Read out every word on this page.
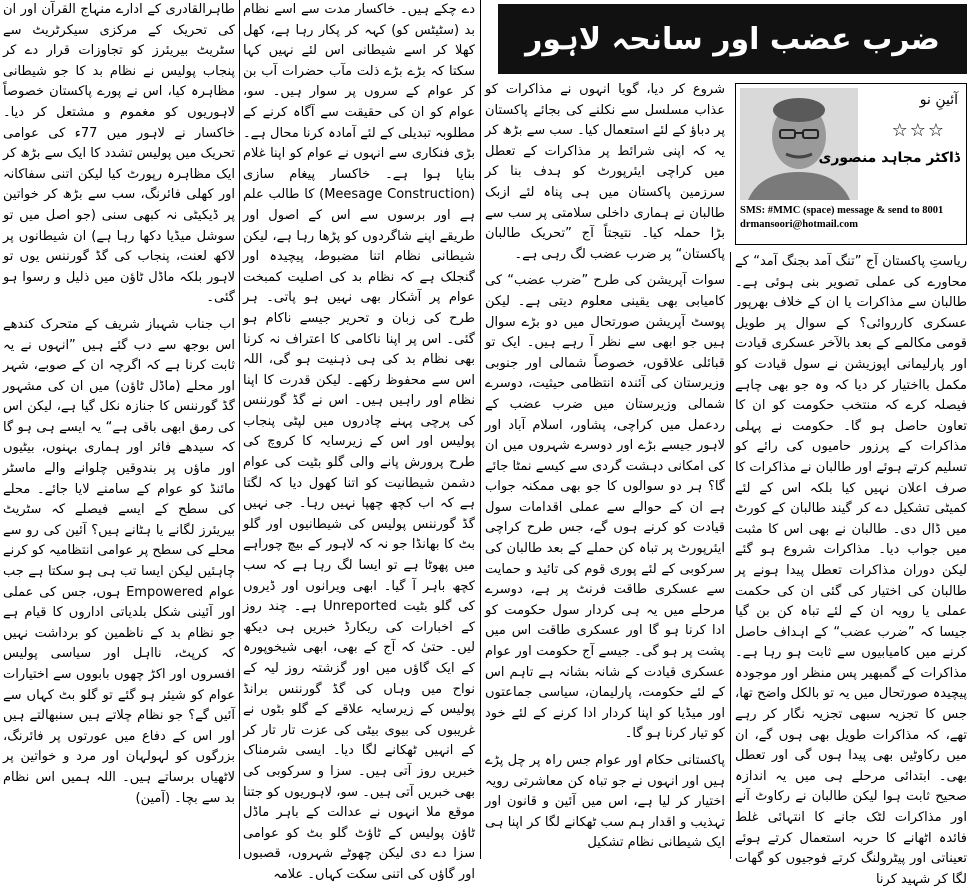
ضرب عضب اور سانحہ لاہور
آئینِ نو
☆☆☆
ڈاکٹر مجاہد منصوری
SMS: #MMC (space) message & send to 8001
drmansoori@hotmail.com

ریاستِ پاکستان آج ”تنگ آمد بجنگ آمد“ کے محاورے کی عملی تصویر بنی ہوئی ہے۔ طالبان سے مذاکرات یا ان کے خلاف بھرپور عسکری کارروائی؟ کے سوال پر طویل قومی مکالمے کے بعد بالآخر عسکری قیادت اور پارلیمانی اپوزیشن نے سول قیادت کو مکمل بااختیار کر دیا کہ وہ جو بھی چاہے فیصلہ کرے کہ منتخب حکومت کو ان کا تعاون حاصل ہو گا۔ حکومت نے پہلی مذاکرات کے پرزور حامیوں کی رائے کو تسلیم کرتے ہوئے اور طالبان نے مذاکرات کا صرف اعلان نہیں کیا بلکہ اس کے لئے کمیٹی تشکیل دے کر گیند طالبان کے کورٹ میں ڈال دی۔ طالبان نے بھی اس کا مثبت میں جواب دیا۔ مذاکرات شروع ہو گئے لیکن دوران مذاکرات تعطل پیدا ہونے پر طالبان کی اختیار کی گئی ان کی حکمت عملی یا رویہ ان کے لئے تباہ کن بن گیا جیسا کہ ”ضرب عضب“ کے اہداف حاصل کرنے میں کامیابیوں سے ثابت ہو رہا ہے۔ مذاکرات کے گمبھیر پس منظر اور موجودہ پیچیدہ صورتحال میں یہ تو بالکل واضح تھا، جس کا تجزیہ سبھی تجزیہ نگار کر رہے تھے، کہ مذاکرات طویل بھی ہوں گے، ان میں رکاوٹیں بھی پیدا ہوں گی اور تعطل بھی۔ ابتدائی مرحلے ہی میں یہ اندازہ صحیح ثابت ہوا لیکن طالبان نے رکاوٹ آنے اور مذاکرات لٹک جانے کا انتہائی غلط فائدہ اٹھانے کا حربہ استعمال کرتے ہوئے تعیناتی اور پیٹرولنگ کرتے فوجیوں کو گھات لگا کر شہید کرنا

شروع کر دیا، گویا انہوں نے مذاکرات کو عذاب مسلسل سے نکلنے کی بجائے پاکستان پر دباؤ کے لئے استعمال کیا۔ سب سے بڑھ کر یہ کہ اپنی شرائط پر مذاکرات کے تعطل میں کراچی ایئرپورٹ کو ہدف بنا کر سرزمین پاکستان میں ہی پناہ لئے ازبک طالبان نے ہماری داخلی سلامتی پر سب سے بڑا حملہ کیا۔ نتیجتاً آج ”تحریک طالبان پاکستان“ پر ضرب عضب لگ رہی ہے۔

سوات آپریشن کی طرح ”ضرب عضب“ کی کامیابی بھی یقینی معلوم دیتی ہے۔ لیکن پوسٹ آپریشن صورتحال میں دو بڑے سوال ہیں جو ابھی سے نظر آ رہے ہیں۔ ایک تو قبائلی علاقوں، خصوصاً شمالی اور جنوبی وزیرستان کی آئندہ انتظامی حیثیت، دوسرے شمالی وزیرستان میں ضرب عضب کے ردعمل میں کراچی، پشاور، اسلام آباد اور لاہور جیسے بڑے اور دوسرے شہروں میں ان کی امکانی دہشت گردی سے کیسے نمٹا جائے گا؟ ہر دو سوالوں کا جو بھی ممکنہ جواب ہے ان کے حوالے سے عملی اقدامات سول قیادت کو کرنے ہوں گے، جس طرح کراچی ایئرپورٹ پر تباہ کن حملے کے بعد طالبان کی سرکوبی کے لئے پوری قوم کی تائید و حمایت سے عسکری طاقت فرنٹ پر ہے، دوسرے مرحلے میں یہ ہی کردار سول حکومت کو ادا کرنا ہو گا اور عسکری طاقت اس میں پشت پر ہو گی۔ جیسے آج حکومت اور عوام عسکری قیادت کے شانہ بشانہ ہے تاہم اس کے لئے حکومت، پارلیمان، سیاسی جماعتوں اور میڈیا کو اپنا کردار ادا کرنے کے لئے خود کو تیار کرنا ہو گا۔

پاکستانی حکام اور عوام جس راہ پر چل پڑے ہیں اور انہوں نے جو تباہ کن معاشرتی رویہ اختیار کر لیا ہے، اس میں آئین و قانون اور تہذیب و اقدار ہم سب ٹھکانے لگا کر اپنا ہی ایک شیطانی نظام تشکیل

دے چکے ہیں۔ خاکسار مدت سے اسے نظام بد (سٹیٹس کو) کہہ کر پکار رہا ہے، کھل کھلا کر اسے شیطانی اس لئے نہیں کہا سکتا کہ بڑے بڑے ذلت مآب حضرات آب بن کر عوام کے سروں پر سوار ہیں۔ سو، عوام کو ان کی حقیقت سے آگاہ کرنے کے مطلوبہ تبدیلی کے لئے آمادہ کرنا محال ہے۔ بڑی فنکاری سے انہوں نے عوام کو اپنا غلام بنایا ہوا ہے۔ خاکسار پیغام سازی (Meesage Construction) کا طالب علم ہے اور برسوں سے اس کے اصول اور طریقے اپنے شاگردوں کو پڑھا رہا ہے، لیکن شیطانی نظام اتنا مضبوط، پیچیدہ اور گنجلک ہے کہ نظام بد کی اصلیت کمبخت عوام پر آشکار بھی نہیں ہو پاتی۔ ہر طرح کی زبان و تحریر جیسے ناکام ہو گئی۔ اس پر اپنا ناکامی کا اعتراف نہ کرنا بھی نظام بد کی ہی ذہنیت ہو گی، اللہ اس سے محفوظ رکھے۔ لیکن قدرت کا اپنا نظام اور راہیں ہیں۔ اس نے گڈ گورننس کی پرچی پہنے چادروں میں لپٹی پنجاب پولیس اور اس کے زیرسایہ کا کروچ کی طرح پرورش پانے والی گلو بٹیت کی عوام دشمن شیطانیت کو اتنا کھول دیا کہ لگتا ہے کہ اب کچھ چھپا نہیں رہا۔ جی نہیں گڈ گورننس پولیس کی شیطانیوں اور گلو بٹ کا بھانڈا جو نہ کہ لاہور کے بیچ چوراہے میں پھوٹا ہے تو ایسا لگ رہا ہے کہ سب کچھ باہر آ گیا۔ ابھی ویرانوں اور ڈیروں کی گلو بٹیت Unreported ہے۔ چند روز کے اخبارات کی ریکارڈ خبریں ہی دیکھ لیں۔ حتیٰ کہ آج کے بھی، ابھی شیخوپورہ کے ایک گاؤں میں اور گزشتہ روز لیہ کے نواح میں وہاں کی گڈ گورننس برانڈ پولیس کے زیرسایہ علاقے کے گلو بٹوں نے غریبوں کی بیوی بیٹی کی عزت تار تار کر کے انہیں ٹھکانے لگا دیا۔ ایسی شرمناک خبریں روز آتی ہیں۔ سزا و سرکوبی کی بھی خبریں آتی ہیں۔ سو، لاہوریوں کو جتنا موقع ملا انہوں نے عدالت کے باہر ماڈل ٹاؤن پولیس کے ٹاؤٹ گلو بٹ کو عوامی سزا دے دی لیکن چھوٹے شہروں، قصبوں اور گاؤں کی اتنی سکت کہاں۔ علامہ

طاہرالقادری کے ادارے منہاج القرآن اور ان کی تحریک کے مرکزی سیکرٹریٹ سے سٹریٹ بیریئرز کو تجاوزات قرار دے کر پنجاب پولیس نے نظام بد کا جو شیطانی مظاہرہ کیا، اس نے پورے پاکستان خصوصاً لاہوریوں کو مغموم و مشتعل کر دیا۔ خاکسار نے لاہور میں 77ء کی عوامی تحریک میں پولیس تشدد کا ایک سے بڑھ کر ایک مظاہرہ رپورٹ کیا لیکن اتنی سفاکانہ اور کھلی فائرنگ، سب سے بڑھ کر خواتین پر ڈیکیٹی نہ کبھی سنی (جو اصل میں تو سوشل میڈیا دکھا رہا ہے) ان شیطانوں پر لاکھ لعنت، پنجاب کی گڈ گورننس یوں تو لاہور بلکہ ماڈل ٹاؤن میں ذلیل و رسوا ہو گئی۔

اب جناب شہباز شریف کے متحرک کندھے اس بوجھ سے دب گئے ہیں ”انہوں نے یہ ثابت کرنا ہے کہ اگرچہ ان کے صوبے، شہر اور محلے (ماڈل ٹاؤن) میں ان کی مشہور گڈ گورننس کا جنازہ نکل گیا ہے، لیکن اس کی رمق ابھی باقی ہے“ یہ ایسے ہی ہو گا کہ سیدھے فائر اور ہماری بہنوں، بیٹیوں اور ماؤں پر بندوقیں چلوانے والے ماسٹر مائنڈ کو عوام کے سامنے لایا جائے۔ محلے کی سطح کے ایسے فیصلے کہ سٹریٹ بیریئرز لگانے یا ہٹانے ہیں؟ آئین کی رو سے محلے کی سطح پر عوامی انتظامیہ کو کرنے چاہئیں لیکن ایسا تب ہی ہو سکتا ہے جب عوام Empowered ہوں، جس کی عملی اور آئینی شکل بلدیاتی اداروں کا قیام ہے جو نظام بد کے ناظمین کو برداشت نہیں کہ کرپٹ، نااہل اور سیاسی پولیس افسروں اور اکڑ چھوں بابووں سے اختیارات عوام کو شیئر ہو گئے تو گلو بٹ کہاں سے آئیں گے؟ جو نظام چلاتے ہیں سنبھالتے ہیں اور اس کے دفاع میں عورتوں پر فائرنگ، بزرگوں کو لہولہان اور مرد و خواتین پر لاٹھیاں برساتے ہیں۔ اللہ ہمیں اس نظام بد سے بچا۔ (آمین)
